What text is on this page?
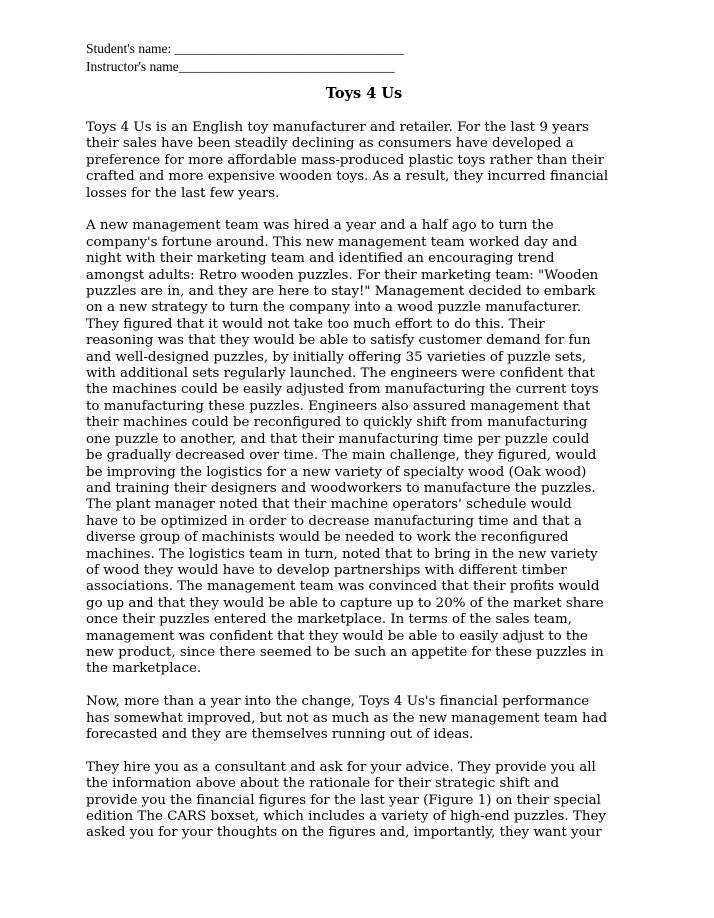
Student's name: __________________________________
Instructor's name________________________________
Toys 4 Us

Toys 4 Us is an English toy manufacturer and retailer. For the last 9 years
their sales have been steadily declining as consumers have developed a
preference for more affordable mass-produced plastic toys rather than their
crafted and more expensive wooden toys. As a result, they incurred financial
losses for the last few years.

A new management team was hired a year and a half ago to turn the
company's fortune around. This new management team worked day and
night with their marketing team and identified an encouraging trend
amongst adults: Retro wooden puzzles. For their marketing team: "Wooden
puzzles are in, and they are here to stay!" Management decided to embark
on a new strategy to turn the company into a wood puzzle manufacturer.
They figured that it would not take too much effort to do this. Their
reasoning was that they would be able to satisfy customer demand for fun
and well-designed puzzles, by initially offering 35 varieties of puzzle sets,
with additional sets regularly launched. The engineers were confident that
the machines could be easily adjusted from manufacturing the current toys
to manufacturing these puzzles. Engineers also assured management that
their machines could be reconfigured to quickly shift from manufacturing
one puzzle to another, and that their manufacturing time per puzzle could
be gradually decreased over time. The main challenge, they figured, would
be improving the logistics for a new variety of specialty wood (Oak wood)
and training their designers and woodworkers to manufacture the puzzles.
The plant manager noted that their machine operators' schedule would
have to be optimized in order to decrease manufacturing time and that a
diverse group of machinists would be needed to work the reconfigured
machines. The logistics team in turn, noted that to bring in the new variety
of wood they would have to develop partnerships with different timber
associations. The management team was convinced that their profits would
go up and that they would be able to capture up to 20% of the market share
once their puzzles entered the marketplace. In terms of the sales team,
management was confident that they would be able to easily adjust to the
new product, since there seemed to be such an appetite for these puzzles in
the marketplace.

Now, more than a year into the change, Toys 4 Us's financial performance
has somewhat improved, but not as much as the new management team had
forecasted and they are themselves running out of ideas.

They hire you as a consultant and ask for your advice. They provide you all
the information above about the rationale for their strategic shift and
provide you the financial figures for the last year (Figure 1) on their special
edition The CARS boxset, which includes a variety of high-end puzzles. They
asked you for your thoughts on the figures and, importantly, they want your
